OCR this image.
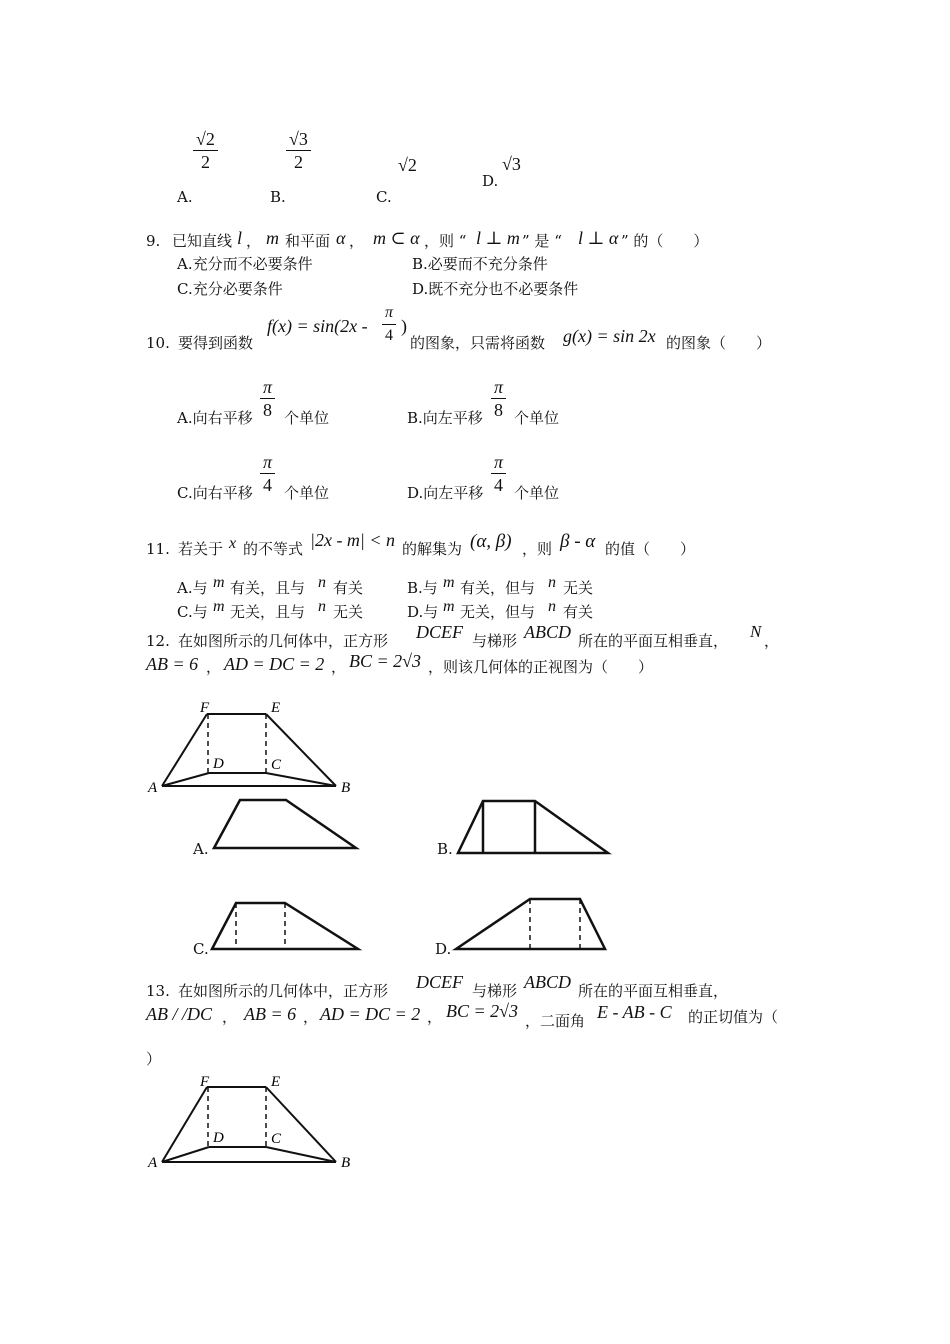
$\frac{√2}{2}$
A.
$\frac{√3}{2}$
B.
√2
C.
D.
√3
9. 已知直线 l ， m 和平面 α ， m ⊂ α ，则 “ l ⊥ m ” 是 “ l ⊥ α ” 的（　　）
A.充分而不必要条件	B.必要而不充分条件
C.充分必要条件	D.既不充分也不必要条件
10. 要得到函数
$f(x) = \sin(2x - \frac{\pi}{4}$ )
的图象，只需将函数 g(x) = sin 2x 的图象（　　）
A.向右平移 $\frac{\pi}{8}$ 个单位	B.向左平移 $\frac{\pi}{8}$ 个单位
C.向右平移 $\frac{\pi}{4}$ 个单位	D.向左平移 $\frac{\pi}{4}$ 个单位
11. 若关于 x 的不等式 |2x - m| < n 的解集为 (α, β) ，则 β - α 的值（　　）
A.与 m 有关，且与 n 有关	B.与 m 有关，但与 n 无关
C.与 m 无关，且与 n 无关	D.与 m 无关，但与 n 有关
12. 在如图所示的几何体中，正方形 DCEF 与梯形 ABCD 所在的平面互相垂直， N ，
AB = 6 ， AD = DC = 2 ， BC = 2√3 ，则该几何体的正视图为（　　）
A	B
C
D
E
F
A.	B.
C.	D.
13. 在如图所示的几何体中，正方形 DCEF 与梯形 ABCD 所在的平面互相垂直，
AB / /DC ， AB = 6 ， AD = DC = 2 ， BC = 2√3 ，二面角 E - AB - C 的正切值为（
）
A	B
C
D
E
F
